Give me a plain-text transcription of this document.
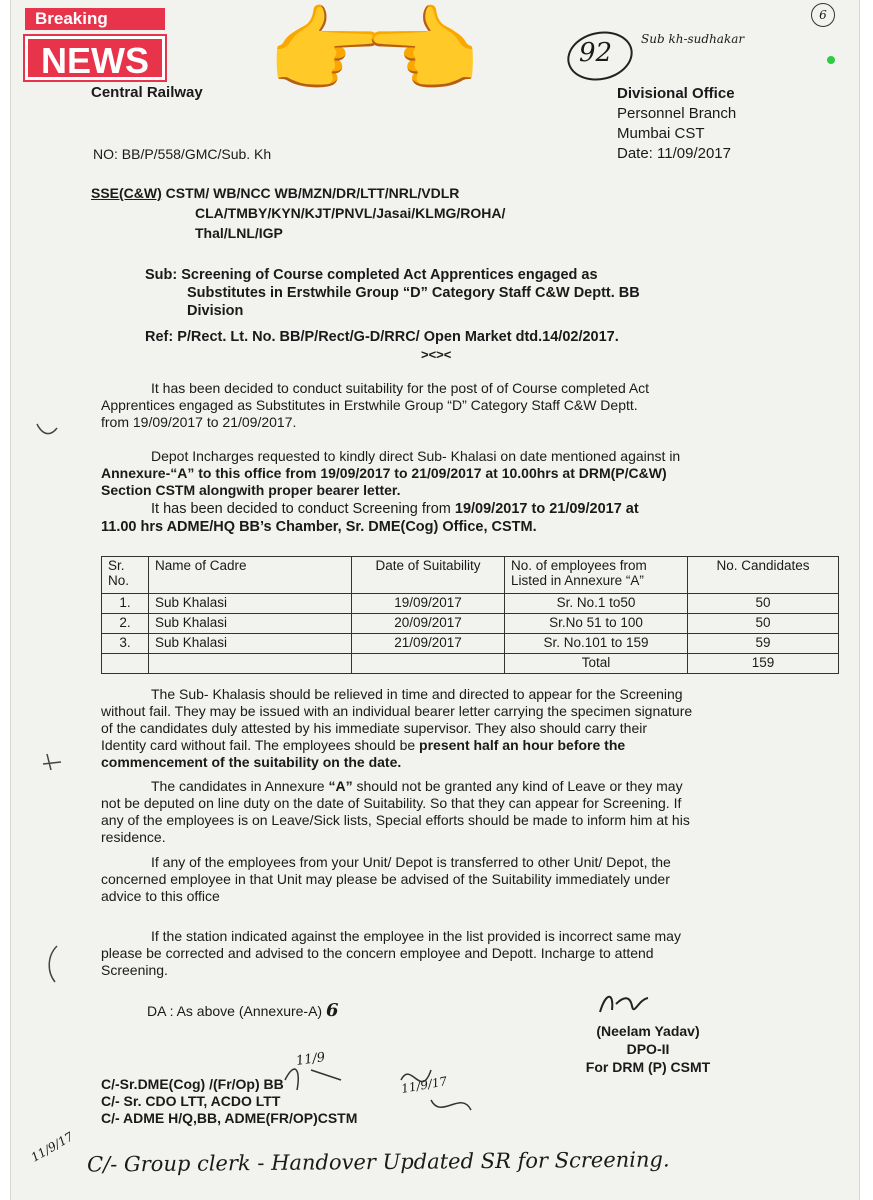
Breaking
NEWS 👉
👈	6
92 Sub kh-sudhakar
Central Railway
NO: BB/P/558/GMC/Sub. Kh
Divisional Office
Personnel Branch
Mumbai CST
Date: 11/09/2017
SSE(C&W) CSTM/ WB/NCC WB/MZN/DR/LTT/NRL/VDLR
CLA/TMBY/KYN/KJT/PNVL/Jasai/KLMG/ROHA/
Thal/LNL/IGP
Sub: Screening of Course completed Act Apprentices engaged as
Substitutes in Erstwhile Group “D” Category Staff C&W Deptt. BB
Division
Ref: P/Rect. Lt. No. BB/P/Rect/G-D/RRC/ Open Market dtd.14/02/2017.
><><
It has been decided to conduct suitability for the post of of Course completed Act
Apprentices engaged as Substitutes in Erstwhile Group “D” Category Staff C&W Deptt.
from 19/09/2017 to 21/09/2017.
Depot Incharges requested to kindly direct Sub- Khalasi on date mentioned against in
Annexure-“A” to this office from 19/09/2017 to 21/09/2017 at 10.00hrs at DRM(P/C&W)
Section CSTM alongwith proper bearer letter.
It has been decided to conduct Screening from 19/09/2017 to 21/09/2017 at
11.00 hrs ADME/HQ BB’s Chamber, Sr. DME(Cog) Office, CSTM.
Sr.
No.	Name of Cadre	Date of Suitability	No. of employees from
Listed in Annexure “A”	No. Candidates
1.	Sub Khalasi	19/09/2017	Sr. No.1 to50	50
2.	Sub Khalasi	20/09/2017	Sr.No 51 to 100	50
3.	Sub Khalasi	21/09/2017	Sr. No.101 to 159	59
			Total	159
The Sub- Khalasis should be relieved in time and directed to appear for the Screening
without fail. They may be issued with an individual bearer letter carrying the specimen signature
of the candidates duly attested by his immediate supervisor. They also should carry their
Identity card without fail. The employees should be present half an hour before the
commencement of the suitability on the date.
The candidates in Annexure “A” should not be granted any kind of Leave or they may
not be deputed on line duty on the date of Suitability. So that they can appear for Screening. If
any of the employees is on Leave/Sick lists, Special efforts should be made to inform him at his
residence.
If any of the employees from your Unit/ Depot is transferred to other Unit/ Depot, the
concerned employee in that Unit may please be advised of the Suitability immediately under
advice to this office
If the station indicated against the employee in the list provided is incorrect same may
please be corrected and advised to the concern employee and Depott. Incharge to attend
Screening.
DA : As above (Annexure-A) 6
(Neelam Yadav)
DPO-II
For DRM (P) CSMT
C/-Sr.DME(Cog) /(Fr/Op) BB
C/- Sr. CDO LTT, ACDO LTT
C/- ADME H/Q,BB, ADME(FR/OP)CSTM
11/9
11/9/17
11/9/17 C/- Group clerk - Handover Updated SR for Screening.
